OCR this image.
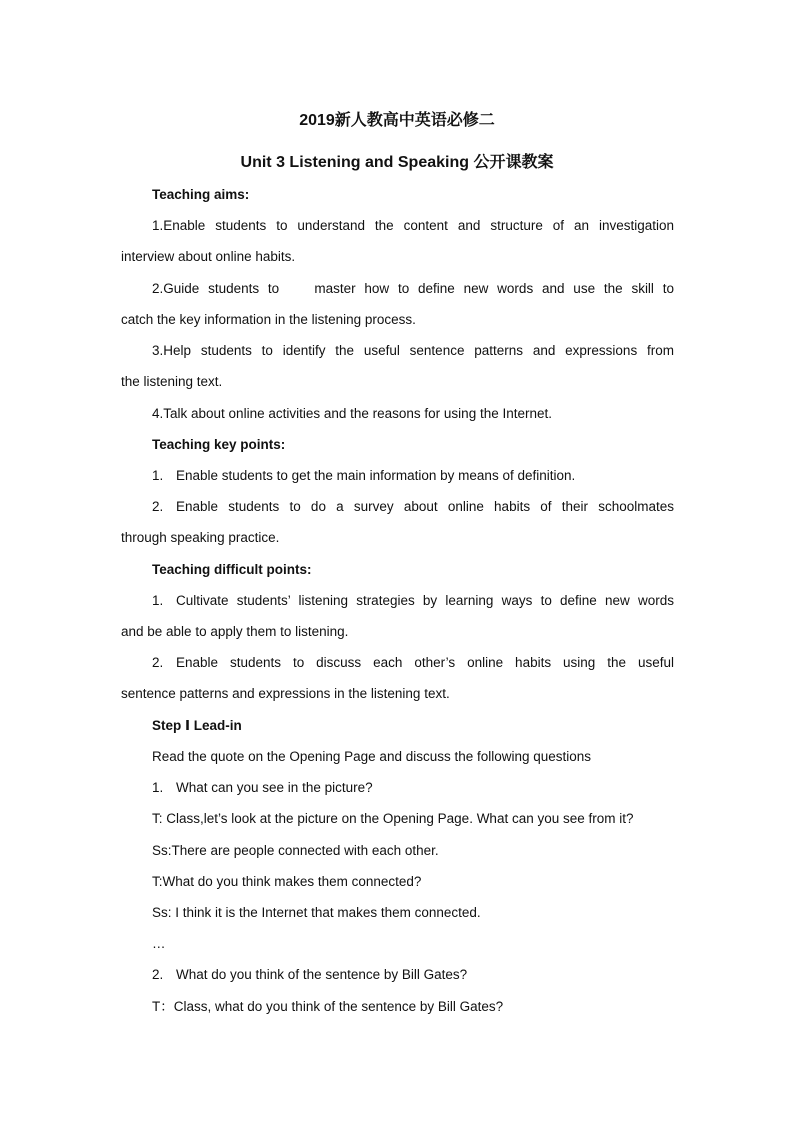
2019新人教高中英语必修二
Unit 3 Listening and Speaking 公开课教案
Teaching aims:
1.Enable students to understand the content and structure of an investigation
interview about online habits.
2.Guide students to    master how to define new words and use the skill to
catch the key information in the listening process.
3.Help students to identify the useful sentence patterns and expressions from
the listening text.
4.Talk about online activities and the reasons for using the Internet.
Teaching key points:
1. Enable students to get the main information by means of definition.
2. Enable students to do a survey about online habits of their schoolmates
through speaking practice.
Teaching difficult points:
1. Cultivate students’ listening strategies by learning ways to define new words
and be able to apply them to listening.
2. Enable students to discuss each other’s online habits using the useful
sentence patterns and expressions in the listening text.
Step Ⅰ Lead-in
Read the quote on the Opening Page and discuss the following questions
1. What can you see in the picture?
T: Class,let’s look at the picture on the Opening Page. What can you see from it?
Ss:There are people connected with each other.
T:What do you think makes them connected?
Ss: I think it is the Internet that makes them connected.
…
2. What do you think of the sentence by Bill Gates?
T：Class, what do you think of the sentence by Bill Gates?
